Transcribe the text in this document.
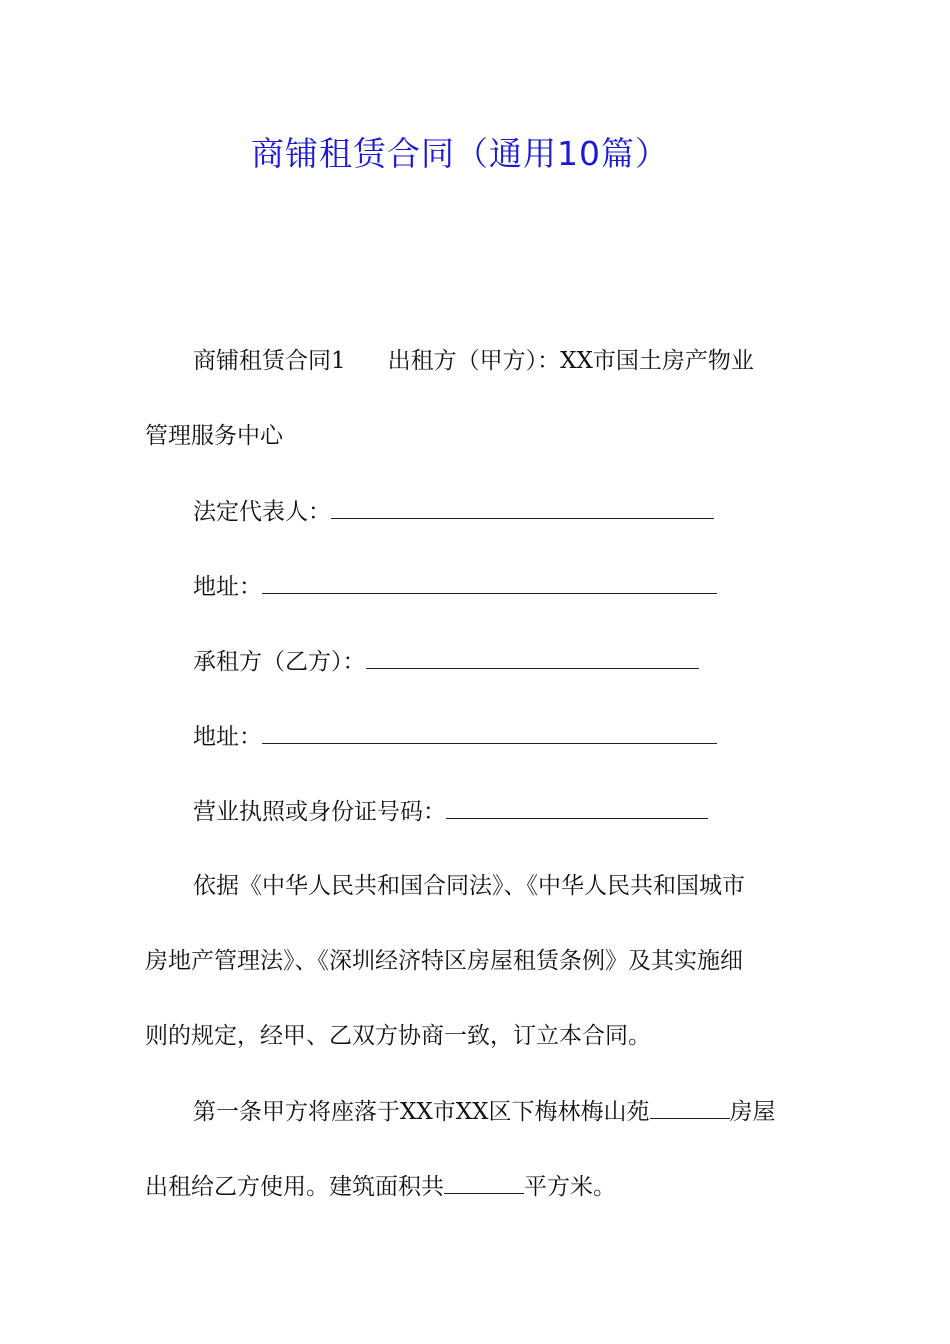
商铺租赁合同（通用10篇）
商铺租赁合同1 出租方（甲方）：XX市国土房产物业
管理服务中心
法定代表人：
地址：
承租方（乙方）：
地址：
营业执照或身份证号码：
依据《中华人民共和国合同法》、《中华人民共和国城市
房地产管理法》、《深圳经济特区房屋租赁条例》及其实施细
则的规定，经甲、乙双方协商一致，订立本合同。
第一条甲方将座落于XX市XX区下梅林梅山苑	房屋
出租给乙方使用。建筑面积共	平方米。
